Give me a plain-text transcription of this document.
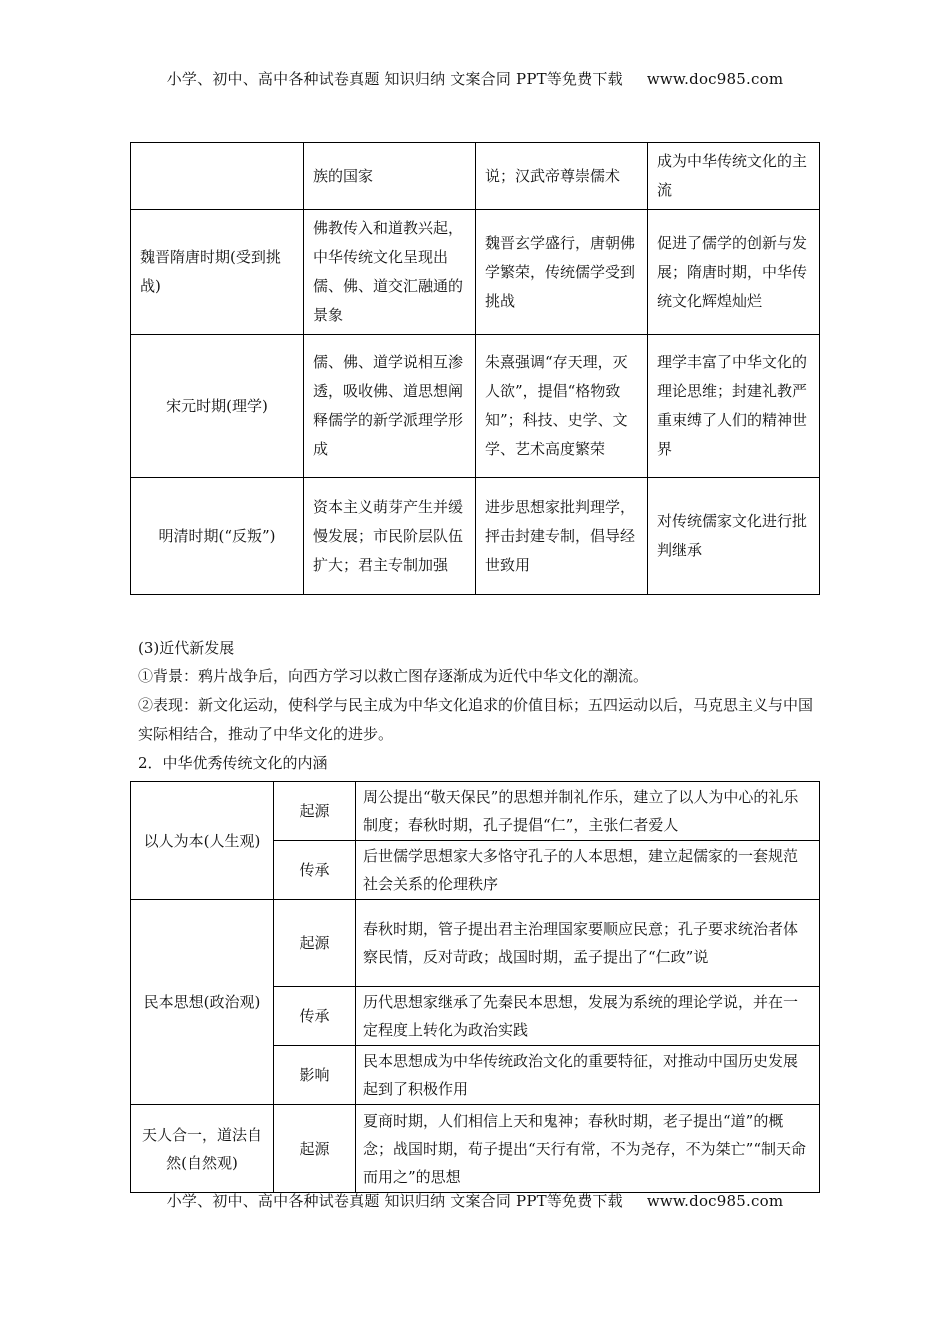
小学、初中、高中各种试卷真题 知识归纳 文案合同 PPT等免费下载 www.doc985.com
	族的国家	说；汉武帝尊崇儒术	成为中华传统文化的主流
魏晋隋唐时期(受到挑战)	佛教传入和道教兴起，中华传统文化呈现出儒、佛、道交汇融通的景象	魏晋玄学盛行，唐朝佛学繁荣，传统儒学受到挑战	促进了儒学的创新与发展；隋唐时期，中华传统文化辉煌灿烂
宋元时期(理学)	儒、佛、道学说相互渗透，吸收佛、道思想阐释儒学的新学派理学形成	朱熹强调“存天理，灭人欲”，提倡“格物致知”；科技、史学、文学、艺术高度繁荣	理学丰富了中华文化的理论思维；封建礼教严重束缚了人们的精神世界
明清时期(“反叛”)	资本主义萌芽产生并缓慢发展；市民阶层队伍扩大；君主专制加强	进步思想家批判理学，抨击封建专制，倡导经世致用	对传统儒家文化进行批判继承

(3)近代新发展

①背景：鸦片战争后，向西方学习以救亡图存逐渐成为近代中华文化的潮流。

②表现：新文化运动，使科学与民主成为中华文化追求的价值目标；五四运动以后，马克思主义与中国实际相结合，推动了中华文化的进步。

2．中华优秀传统文化的内涵

以人为本(人生观)	起源	周公提出“敬天保民”的思想并制礼作乐，建立了以人为中心的礼乐制度；春秋时期，孔子提倡“仁”，主张仁者爱人
	传承	后世儒学思想家大多恪守孔子的人本思想，建立起儒家的一套规范社会关系的伦理秩序
民本思想(政治观)	起源	春秋时期，管子提出君主治理国家要顺应民意；孔子要求统治者体察民情，反对苛政；战国时期，孟子提出了“仁政”说
	传承	历代思想家继承了先秦民本思想，发展为系统的理论学说，并在一定程度上转化为政治实践
	影响	民本思想成为中华传统政治文化的重要特征，对推动中国历史发展起到了积极作用
天人合一，道法自然(自然观)	起源	夏商时期，人们相信上天和鬼神；春秋时期，老子提出“道”的概念；战国时期，荀子提出“天行有常，不为尧存，不为桀亡”“制天命而用之”的思想
小学、初中、高中各种试卷真题 知识归纳 文案合同 PPT等免费下载 www.doc985.com
